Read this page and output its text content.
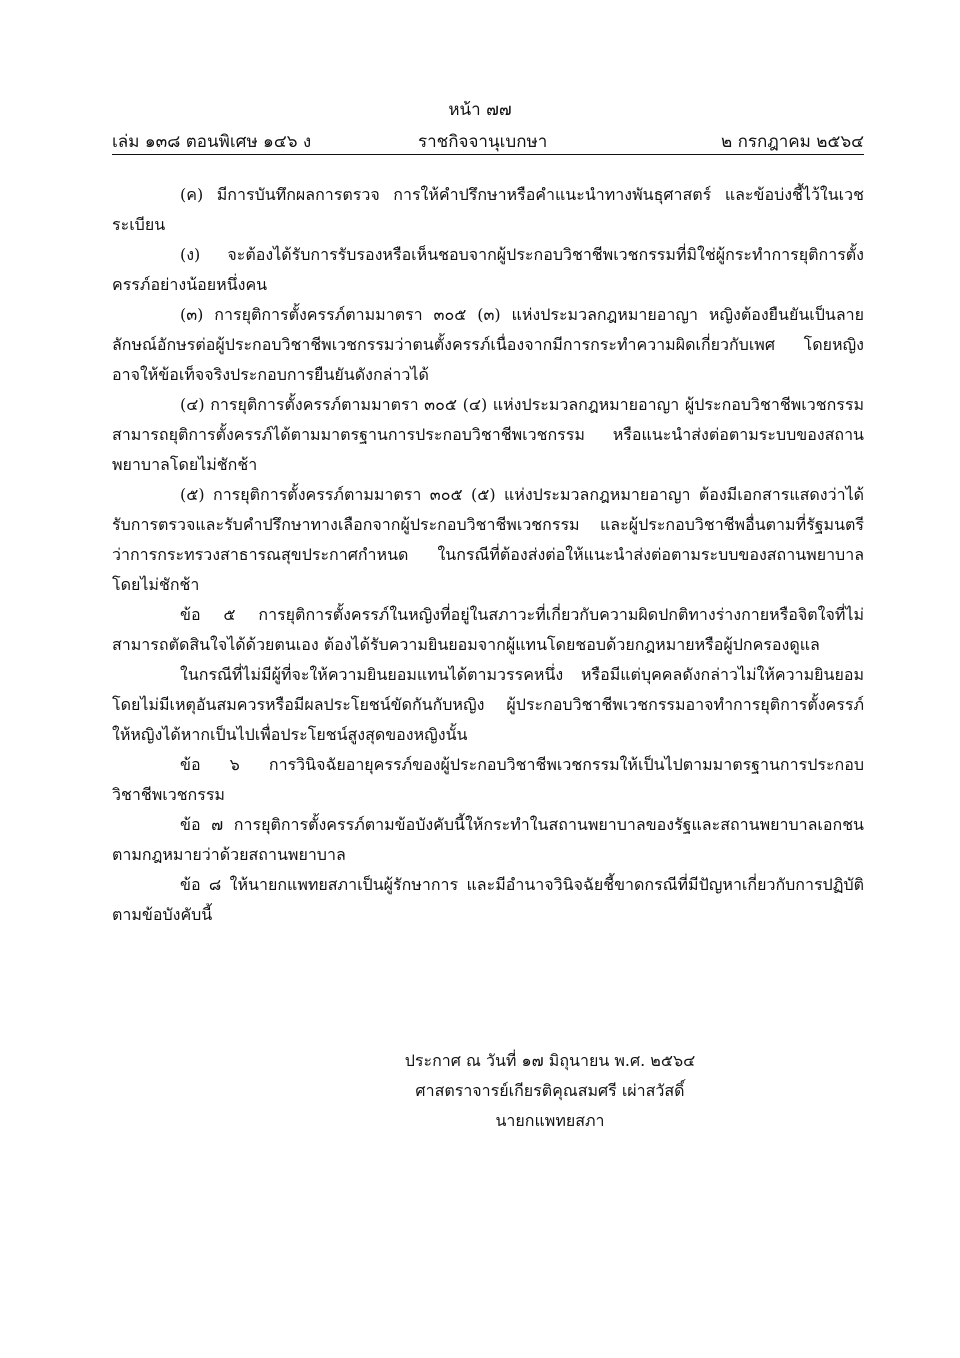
หน้า ๗๗
เล่ม ๑๓๘ ตอนพิเศษ ๑๔๖ ง	ราชกิจจานุเบกษา	๒ กรกฎาคม ๒๕๖๔

(ค) มีการบันทึกผลการตรวจ การให้คำปรึกษาหรือคำแนะนำทางพันธุศาสตร์ และข้อบ่งชี้ไว้ในเวชระเบียน

(ง) จะต้องได้รับการรับรองหรือเห็นชอบจากผู้ประกอบวิชาชีพเวชกรรมที่มิใช่ผู้กระทำการยุติการตั้งครรภ์อย่างน้อยหนึ่งคน

(๓) การยุติการตั้งครรภ์ตามมาตรา ๓๐๕ (๓) แห่งประมวลกฎหมายอาญา หญิงต้องยืนยันเป็นลายลักษณ์อักษรต่อผู้ประกอบวิชาชีพเวชกรรมว่าตนตั้งครรภ์เนื่องจากมีการกระทำความผิดเกี่ยวกับเพศ โดยหญิงอาจให้ข้อเท็จจริงประกอบการยืนยันดังกล่าวได้

(๔) การยุติการตั้งครรภ์ตามมาตรา ๓๐๕ (๔) แห่งประมวลกฎหมายอาญา ผู้ประกอบวิชาชีพเวชกรรมสามารถยุติการตั้งครรภ์ได้ตามมาตรฐานการประกอบวิชาชีพเวชกรรม หรือแนะนำส่งต่อตามระบบของสถานพยาบาลโดยไม่ชักช้า

(๕) การยุติการตั้งครรภ์ตามมาตรา ๓๐๕ (๕) แห่งประมวลกฎหมายอาญา ต้องมีเอกสารแสดงว่าได้รับการตรวจและรับคำปรึกษาทางเลือกจากผู้ประกอบวิชาชีพเวชกรรม และผู้ประกอบวิชาชีพอื่นตามที่รัฐมนตรีว่าการกระทรวงสาธารณสุขประกาศกำหนด ในกรณีที่ต้องส่งต่อให้แนะนำส่งต่อตามระบบของสถานพยาบาลโดยไม่ชักช้า

ข้อ ๕ การยุติการตั้งครรภ์ในหญิงที่อยู่ในสภาวะที่เกี่ยวกับความผิดปกติทางร่างกายหรือจิตใจที่ไม่สามารถตัดสินใจได้ด้วยตนเอง ต้องได้รับความยินยอมจากผู้แทนโดยชอบด้วยกฎหมายหรือผู้ปกครองดูแล

ในกรณีที่ไม่มีผู้ที่จะให้ความยินยอมแทนได้ตามวรรคหนึ่ง หรือมีแต่บุคคลดังกล่าวไม่ให้ความยินยอมโดยไม่มีเหตุอันสมควรหรือมีผลประโยชน์ขัดกันกับหญิง ผู้ประกอบวิชาชีพเวชกรรมอาจทำการยุติการตั้งครรภ์ให้หญิงได้หากเป็นไปเพื่อประโยชน์สูงสุดของหญิงนั้น

ข้อ ๖ การวินิจฉัยอายุครรภ์ของผู้ประกอบวิชาชีพเวชกรรมให้เป็นไปตามมาตรฐานการประกอบวิชาชีพเวชกรรม

ข้อ ๗ การยุติการตั้งครรภ์ตามข้อบังคับนี้ให้กระทำในสถานพยาบาลของรัฐและสถานพยาบาลเอกชนตามกฎหมายว่าด้วยสถานพยาบาล

ข้อ ๘ ให้นายกแพทยสภาเป็นผู้รักษาการ และมีอำนาจวินิจฉัยชี้ขาดกรณีที่มีปัญหาเกี่ยวกับการปฏิบัติตามข้อบังคับนี้

ประกาศ ณ วันที่ ๑๗ มิถุนายน พ.ศ. ๒๕๖๔
ศาสตราจารย์เกียรติคุณสมศรี เผ่าสวัสดิ์
นายกแพทยสภา
